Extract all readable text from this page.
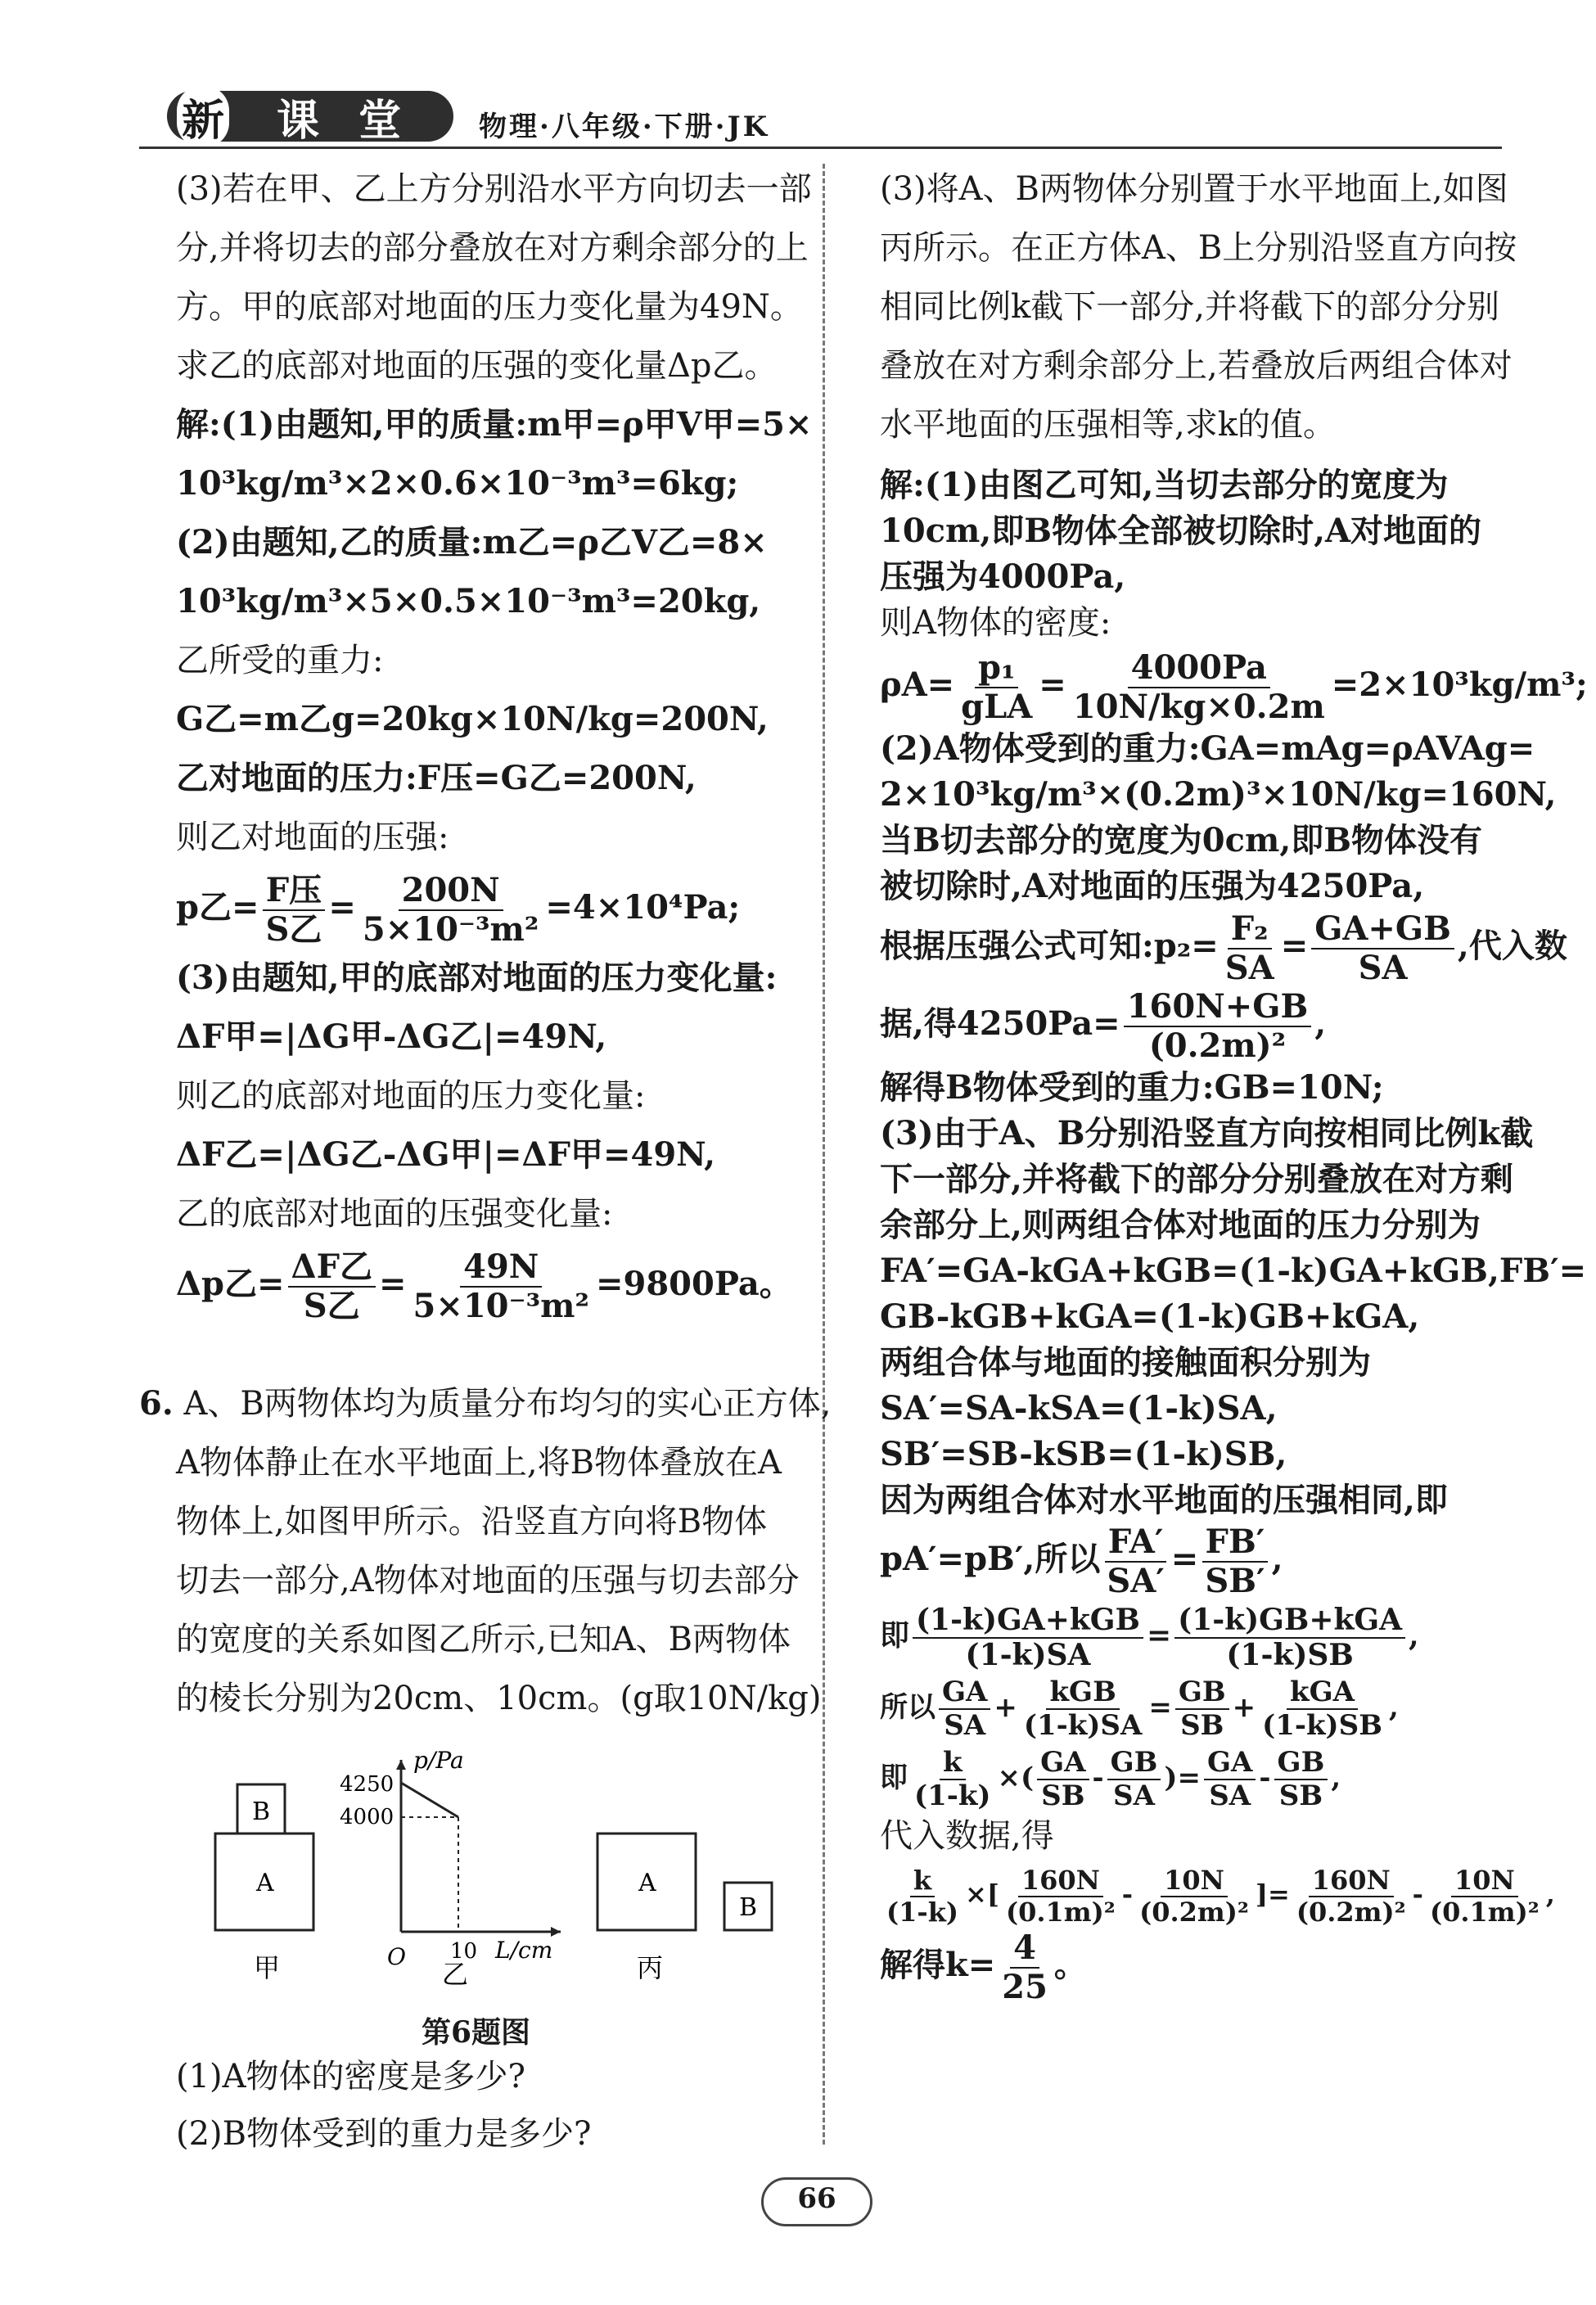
新 课 堂	物理·八年级·下册·JK

(3)若在甲、乙上方分别沿水平方向切去一部

分,并将切去的部分叠放在对方剩余部分的上

方。甲的底部对地面的压力变化量为49N。

求乙的底部对地面的压强的变化量Δp乙。

解:(1)由题知,甲的质量:m甲=ρ甲V甲=5×

10³kg/m³×2×0.6×10⁻³m³=6kg;

(2)由题知,乙的质量:m乙=ρ乙V乙=8×

10³kg/m³×5×0.5×10⁻³m³=20kg,

乙所受的重力:

G乙=m乙g=20kg×10N/kg=200N,

乙对地面的压力:F压=G乙=200N,

则乙对地面的压强:

p乙= $\frac{\text{F压}}{\text{S乙}} = \frac{200N}{\text{5×10⁻³m²}} =4\times 10^4Pa$;

(3)由题知,甲的底部对地面的压力变化量:

ΔF甲=|ΔG甲-ΔG乙|=49N,

则乙的底部对地面的压力变化量:

ΔF乙=|ΔG乙-ΔG甲|=ΔF甲=49N,

乙的底部对地面的压强变化量:

Δp乙= $\frac{\text{ΔF乙}}{\text{S乙}} = \frac{49N}{\text{5×10⁻³m²}} =9800Pa$。

6. A、B两物体均为质量分布均匀的实心正方体,

A物体静止在水平地面上,将B物体叠放在A

物体上,如图甲所示。沿竖直方向将B物体

切去一部分,A物体对地面的压强与切去部分

的宽度的关系如图乙所示,已知A、B两物体

的棱长分别为20cm、10cm。(g取10N/kg)

B
A
甲
4250
4000
p/Pa
10 L/cm
O
乙
A
B
丙
第6题图

(1)A物体的密度是多少?

(2)B物体受到的重力是多少?

(3)将A、B两物体分别置于水平地面上,如图

丙所示。在正方体A、B上分别沿竖直方向按

相同比例k截下一部分,并将截下的部分分别

叠放在对方剩余部分上,若叠放后两组合体对

水平地面的压强相等,求k的值。

解:(1)由图乙可知,当切去部分的宽度为

10cm,即B物体全部被切除时,A对地面的

压强为4000Pa,

则A物体的密度:

$\rho A= \frac{\text{p₁}}{\text{gLA}} = \frac{4000Pa}{10N/kg\times 0.2m} =2\times 10^3kg/m^3$;

(2)A物体受到的重力:GA=mAg=ρAVAg=

2×10³kg/m³×(0.2m)³×10N/kg=160N,

当B切去部分的宽度为0cm,即B物体没有

被切除时,A对地面的压强为4250Pa,

根据压强公式可知:p₂= $\frac{\text{F₂}}{SA} = \frac{GA+GB}{SA}$ ,代入数

据,得$4250Pa= \frac{160N+GB}{\text{(0.2m)²}}$ ,

解得B物体受到的重力:GB=10N;

(3)由于A、B分别沿竖直方向按相同比例k截

下一部分,并将截下的部分分别叠放在对方剩

余部分上,则两组合体对地面的压力分别为

FA′=GA-kGA+kGB=(1-k)GA+kGB,FB′=

GB-kGB+kGA=(1-k)GB+kGA,

两组合体与地面的接触面积分别为

SA′=SA-kSA=(1-k)SA,

SB′=SB-kSB=(1-k)SB,

因为两组合体对水平地面的压强相同,即

pA′=pB′,所以 $\frac{FA'}{SA'} = \frac{FB'}{SB'}$ ,

即 $\frac{\text{(1-k)GA+kGB}}{(1-k)SA} = \frac{\text{(1-k)GB+kGA}}{(1-k)SB}$ ,

所以 $\frac{GA}{SA} + \frac{\text{kGB}}{(1-k)SA} = \frac{GB}{SB} + \frac{\text{kGA}}{(1-k)SB}$ ,

即 $\frac{k}{(1-k)}$ ×( $\frac{GA}{SB} - \frac{GB}{SA}$ )= $\frac{GA}{SA} - \frac{GB}{SB}$ ,

代入数据,得

$\frac{k}{(1-k)}$ ×[ $\frac{160N}{\text{(0.1m)²}} - \frac{10N}{\text{(0.2m)²}}$ ]= $\frac{160N}{\text{(0.2m)²}} - \frac{10N}{\text{(0.1m)²}}$ ,

解得$k= \frac{4}{25}$ 。

66
